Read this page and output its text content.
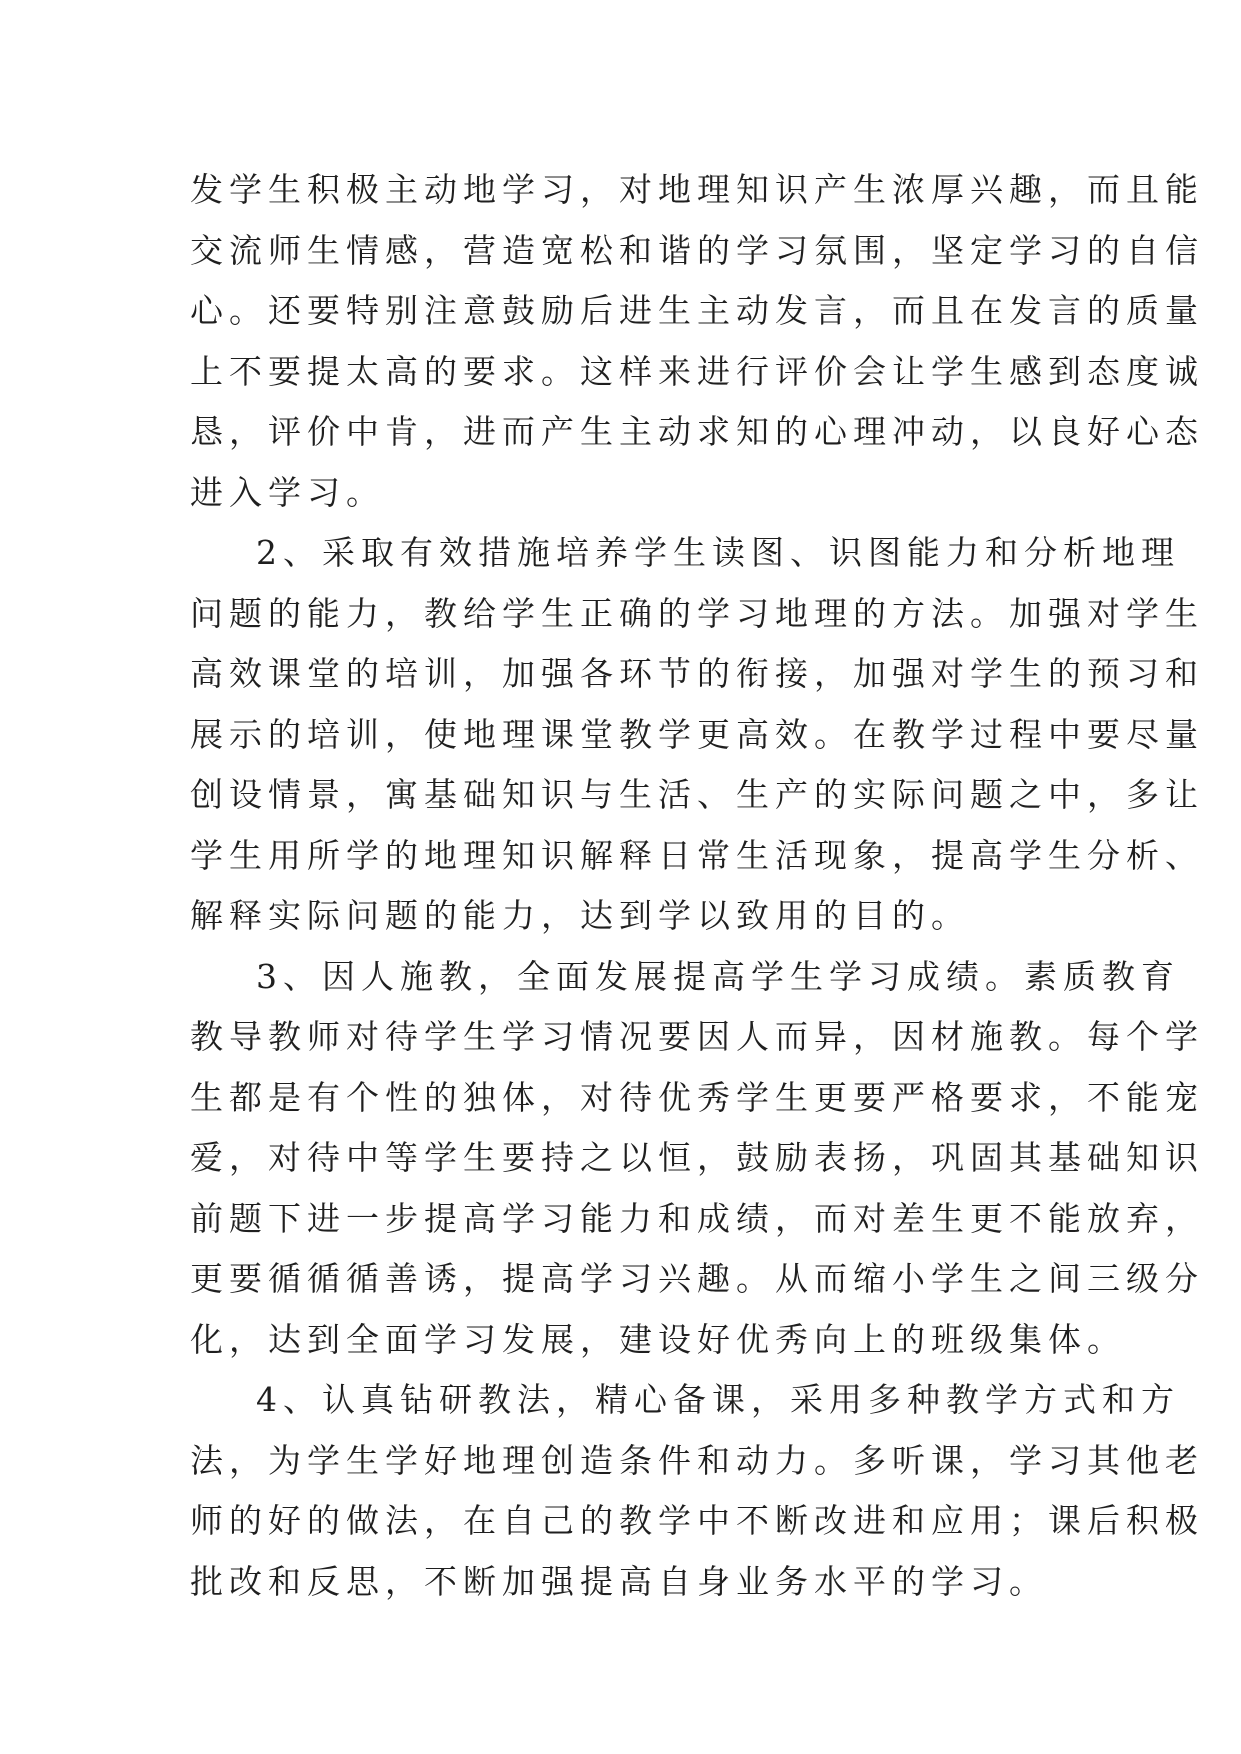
发学生积极主动地学习，对地理知识产生浓厚兴趣，而且能
交流师生情感，营造宽松和谐的学习氛围，坚定学习的自信
心。还要特别注意鼓励后进生主动发言，而且在发言的质量
上不要提太高的要求。这样来进行评价会让学生感到态度诚
恳，评价中肯，进而产生主动求知的心理冲动，以良好心态
进入学习。
2、采取有效措施培养学生读图、识图能力和分析地理
问题的能力，教给学生正确的学习地理的方法。加强对学生
高效课堂的培训，加强各环节的衔接，加强对学生的预习和
展示的培训，使地理课堂教学更高效。在教学过程中要尽量
创设情景，寓基础知识与生活、生产的实际问题之中，多让
学生用所学的地理知识解释日常生活现象，提高学生分析、
解释实际问题的能力，达到学以致用的目的。
3、因人施教，全面发展提高学生学习成绩。素质教育
教导教师对待学生学习情况要因人而异，因材施教。每个学
生都是有个性的独体，对待优秀学生更要严格要求，不能宠
爱，对待中等学生要持之以恒，鼓励表扬，巩固其基础知识
前题下进一步提高学习能力和成绩，而对差生更不能放弃，
更要循循循善诱，提高学习兴趣。从而缩小学生之间三级分
化，达到全面学习发展，建设好优秀向上的班级集体。
4、认真钻研教法，精心备课，采用多种教学方式和方
法，为学生学好地理创造条件和动力。多听课，学习其他老
师的好的做法，在自己的教学中不断改进和应用；课后积极
批改和反思，不断加强提高自身业务水平的学习。
